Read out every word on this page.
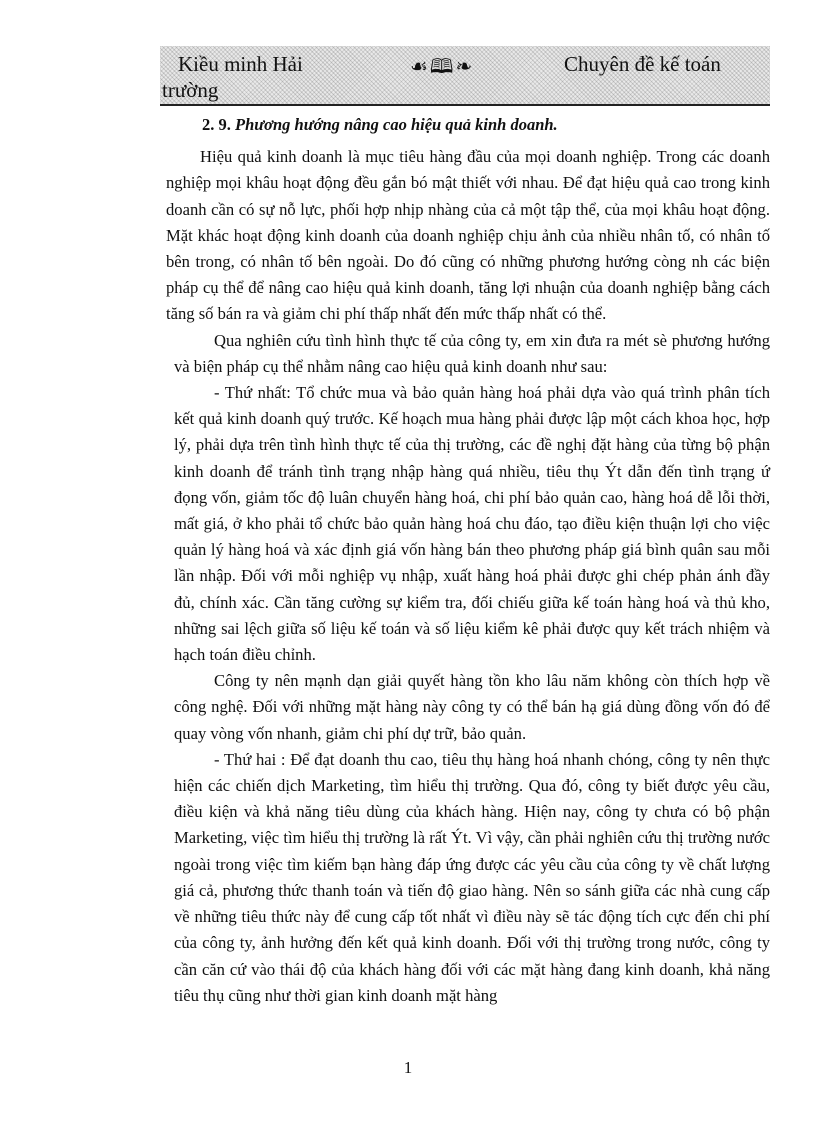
Kiều minh Hải
trường
☙🕮❧	Chuyên đề kế toán

2. 9. Phương hướng nâng cao hiệu quả kinh doanh.

Hiệu quả kinh doanh là mục tiêu hàng đầu của mọi doanh nghiệp. Trong các doanh nghiệp mọi khâu hoạt động đều gắn bó mật thiết với nhau. Để đạt hiệu quả cao trong kinh doanh cần có sự nỗ lực, phối hợp nhịp nhàng của cả một tập thể, của mọi khâu hoạt động. Mặt khác hoạt động kinh doanh của doanh nghiệp chịu ảnh của nhiều nhân tố, có nhân tố bên trong, có nhân tố bên ngoài. Do đó cũng có những phương hướng còng nh các biện pháp cụ thể để nâng cao hiệu quả kinh doanh, tăng lợi nhuận của doanh nghiệp bằng cách tăng số bán ra và giảm chi phí thấp nhất đến mức thấp nhất có thể.

Qua nghiên cứu tình hình thực tế của công ty, em xin đưa ra mét sè phương hướng và biện pháp cụ thể nhằm nâng cao hiệu quả kinh doanh như sau:

- Thứ nhất: Tổ chức mua và bảo quản hàng hoá phải dựa vào quá trình phân tích kết quả kinh doanh quý trước. Kế hoạch mua hàng phải được lập một cách khoa học, hợp lý, phải dựa trên tình hình thực tế của thị trường, các đề nghị đặt hàng của từng bộ phận kinh doanh để tránh tình trạng nhập hàng quá nhiều, tiêu thụ Ýt dẫn đến tình trạng ứ đọng vốn, giảm tốc độ luân chuyển hàng hoá, chi phí bảo quản cao, hàng hoá dễ lỗi thời, mất giá, ở kho phải tổ chức bảo quản hàng hoá chu đáo, tạo điều kiện thuận lợi cho việc quản lý hàng hoá và xác định giá vốn hàng bán theo phương pháp giá bình quân sau mỗi lần nhập. Đối với mỗi nghiệp vụ nhập, xuất hàng hoá phải được ghi chép phản ánh đầy đủ, chính xác. Cần tăng cường sự kiểm tra, đối chiếu giữa kế toán hàng hoá và thủ kho, những sai lệch giữa số liệu kế toán và số liệu kiểm kê phải được quy kết trách nhiệm và hạch toán điều chỉnh.

Công ty nên mạnh dạn giải quyết hàng tồn kho lâu năm không còn thích hợp về công nghệ. Đối với những mặt hàng này công ty có thể bán hạ giá dùng đồng vốn đó để quay vòng vốn nhanh, giảm chi phí dự trữ, bảo quản.

- Thứ hai : Để đạt doanh thu cao, tiêu thụ hàng hoá nhanh chóng, công ty nên thực hiện các chiến dịch Marketing, tìm hiểu thị trường. Qua đó, công ty biết được yêu cầu, điều kiện và khả năng tiêu dùng của khách hàng. Hiện nay, công ty chưa có bộ phận Marketing, việc tìm hiểu thị trường là rất Ýt. Vì vậy, cần phải nghiên cứu thị trường nước ngoài trong việc tìm kiếm bạn hàng đáp ứng được các yêu cầu của công ty về chất lượng giá cả, phương thức thanh toán và tiến độ giao hàng. Nên so sánh giữa các nhà cung cấp về những tiêu thức này để cung cấp tốt nhất vì điều này sẽ tác động tích cực đến chi phí của công ty, ảnh hưởng đến kết quả kinh doanh. Đối với thị trường trong nước, công ty cần căn cứ vào thái độ của khách hàng đối với các mặt hàng đang kinh doanh, khả năng tiêu thụ cũng như thời gian kinh doanh mặt hàng

1
